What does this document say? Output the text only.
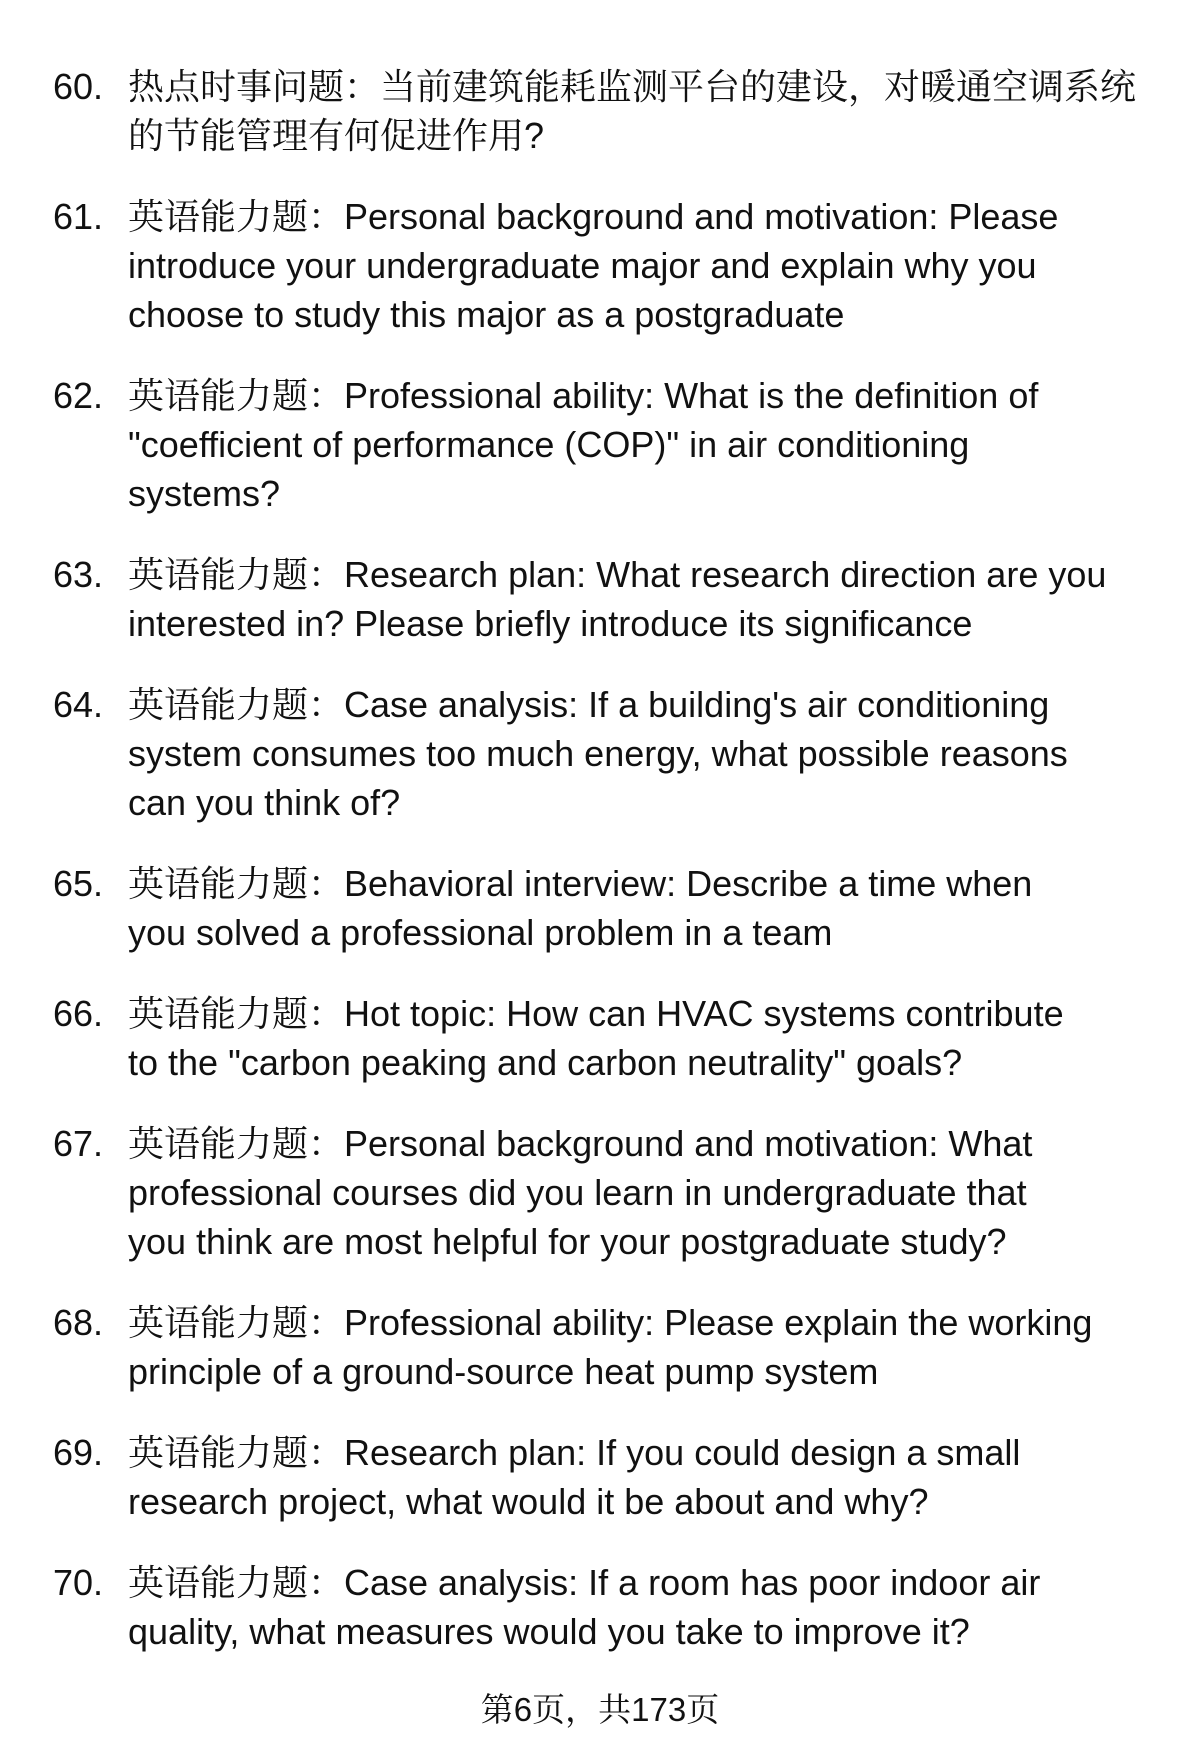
60. 热点时事问题：当前建筑能耗监测平台的建设，对暖通空调系统
的节能管理有何促进作用?
61. 英语能力题：Personal background and motivation: Please
introduce your undergraduate major and explain why you
choose to study this major as a postgraduate
62. 英语能力题：Professional ability: What is the definition of
"coefficient of performance (COP)" in air conditioning
systems?
63. 英语能力题：Research plan: What research direction are you
interested in? Please briefly introduce its significance
64. 英语能力题：Case analysis: If a building's air conditioning
system consumes too much energy, what possible reasons
can you think of?
65. 英语能力题：Behavioral interview: Describe a time when
you solved a professional problem in a team
66. 英语能力题：Hot topic: How can HVAC systems contribute
to the "carbon peaking and carbon neutrality" goals?
67. 英语能力题：Personal background and motivation: What
professional courses did you learn in undergraduate that
you think are most helpful for your postgraduate study?
68. 英语能力题：Professional ability: Please explain the working
principle of a ground-source heat pump system
69. 英语能力题：Research plan: If you could design a small
research project, what would it be about and why?
70. 英语能力题：Case analysis: If a room has poor indoor air
quality, what measures would you take to improve it?
第6页，共173页
